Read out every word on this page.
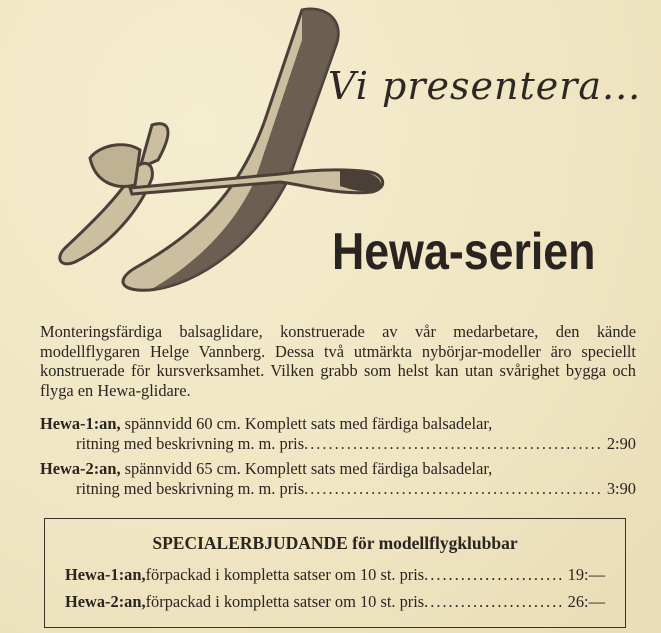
Vi presentera...
Hewa-serien
Monteringsfärdiga balsaglidare, konstruerade av vår medarbetare, den kände modellflygaren Helge Vannberg. Dessa två utmärkta nybörjar-modeller äro speciellt konstruerade för kursverksamhet. Vilken grabb som helst kan utan svårighet bygga och flyga en Hewa-glidare.
Hewa-1:an, spännvidd 60 cm. Komplett sats med färdiga balsadelar,
ritning med beskrivning m. m. pris .....	2:90
Hewa-2:an, spännvidd 65 cm. Komplett sats med färdiga balsadelar,
ritning med beskrivning m. m. pris .....	3:90
SPECIALERBJUDANDE för modellflygklubbar
Hewa-1:an, förpackad i kompletta satser om 10 st. pris .....	19:—
Hewa-2:an, förpackad i kompletta satser om 10 st. pris .....	26:—
